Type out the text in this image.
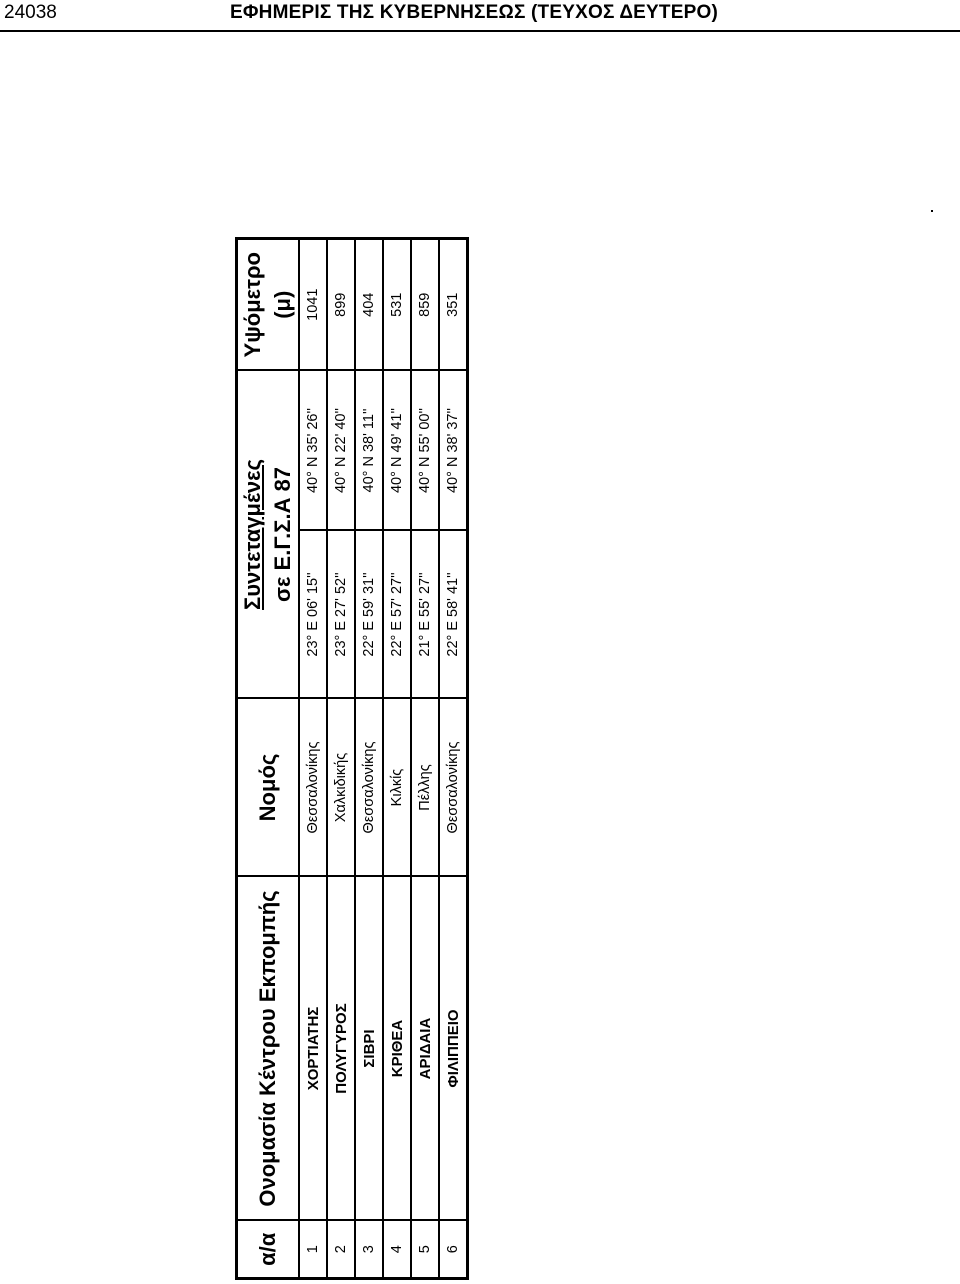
24038	ΕΦΗΜΕΡΙΣ ΤΗΣ ΚΥΒΕΡΝΗΣΕΩΣ (ΤΕΥΧΟΣ ΔΕΥΤΕΡΟ)
α/α	Ονομασία Κέντρου Εκπομπής	Νομός	Συντεταγμένες		Υψόμετρο
			σε Ε.Γ.Σ.Α 87		(μ)
1	ΧΟΡΤΙΑΤΗΣ	Θεσσαλονίκης	23° Ε 06' 15''	40° Ν 35' 26''	1041
2	ΠΟΛΥΓΥΡΟΣ	Χαλκιδικής	23° Ε 27' 52''	40° Ν 22' 40''	899
3	ΣΙΒΡΙ	Θεσσαλονίκης	22° Ε 59' 31''	40° Ν 38' 11''	404
4	ΚΡΙΘΕΑ	Κιλκίς	22° Ε 57' 27''	40° Ν 49' 41''	531
5	ΑΡΙΔΑΙΑ	Πέλλης	21° Ε 55' 27''	40° Ν 55' 00''	859
6	ΦΙΛΙΠΠΕΙΟ	Θεσσαλονίκης	22° Ε 58' 41''	40° Ν 38' 37''	351
